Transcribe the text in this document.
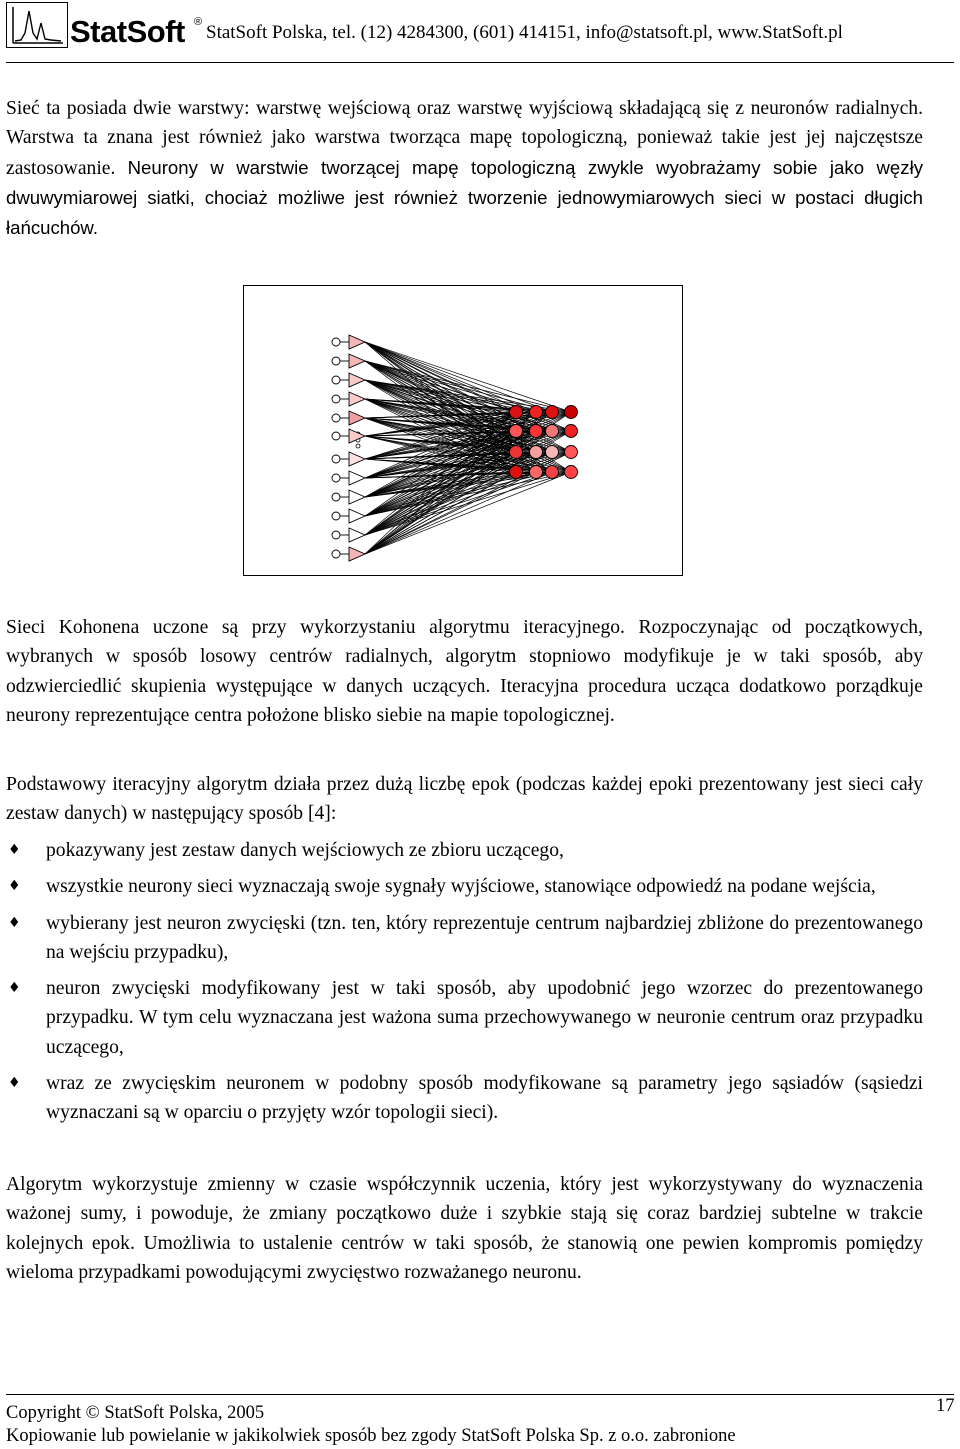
StatSoft ® StatSoft Polska, tel. (12) 4284300, (601) 414151, info@statsoft.pl, www.StatSoft.pl

Sieć ta posiada dwie warstwy: warstwę wejściową oraz warstwę wyjściową składającą się z neuronów radialnych. Warstwa ta znana jest również jako warstwa tworząca mapę topologiczną, ponieważ takie jest jej najczęstsze zastosowanie. Neurony w warstwie tworzącej mapę topologiczną zwykle wyobrażamy sobie jako węzły dwuwymiarowej siatki, chociaż możliwe jest również tworzenie jednowymiarowych sieci w postaci długich łańcuchów.

Sieci Kohonena uczone są przy wykorzystaniu algorytmu iteracyjnego. Rozpoczynając od początkowych, wybranych w sposób losowy centrów radialnych, algorytm stopniowo modyfikuje je w taki sposób, aby odzwierciedlić skupienia występujące w danych uczących. Iteracyjna procedura ucząca dodatkowo porządkuje neurony reprezentujące centra położone blisko siebie na mapie topologicznej.

Podstawowy iteracyjny algorytm działa przez dużą liczbę epok (podczas każdej epoki prezentowany jest sieci cały zestaw danych) w następujący sposób [4]:

♦ pokazywany jest zestaw danych wejściowych ze zbioru uczącego,
♦ wszystkie neurony sieci wyznaczają swoje sygnały wyjściowe, stanowiące odpowiedź na podane wejścia,
♦ wybierany jest neuron zwycięski (tzn. ten, który reprezentuje centrum najbardziej zbliżone do prezentowanego na wejściu przypadku),
♦ neuron zwycięski modyfikowany jest w taki sposób, aby upodobnić jego wzorzec do prezentowanego przypadku. W tym celu wyznaczana jest ważona suma przechowywanego w neuronie centrum oraz przypadku uczącego,
♦ wraz ze zwycięskim neuronem w podobny sposób modyfikowane są parametry jego sąsiadów (sąsiedzi wyznaczani są w oparciu o przyjęty wzór topologii sieci).

Algorytm wykorzystuje zmienny w czasie współczynnik uczenia, który jest wykorzystywany do wyznaczenia ważonej sumy, i powoduje, że zmiany początkowo duże i szybkie stają się coraz bardziej subtelne w trakcie kolejnych epok. Umożliwia to ustalenie centrów w taki sposób, że stanowią one pewien kompromis pomiędzy wieloma przypadkami powodującymi zwycięstwo rozważanego neuronu.

Copyright © StatSoft Polska, 2005
Kopiowanie lub powielanie w jakikolwiek sposób bez zgody StatSoft Polska Sp. z o.o. zabronione
17
